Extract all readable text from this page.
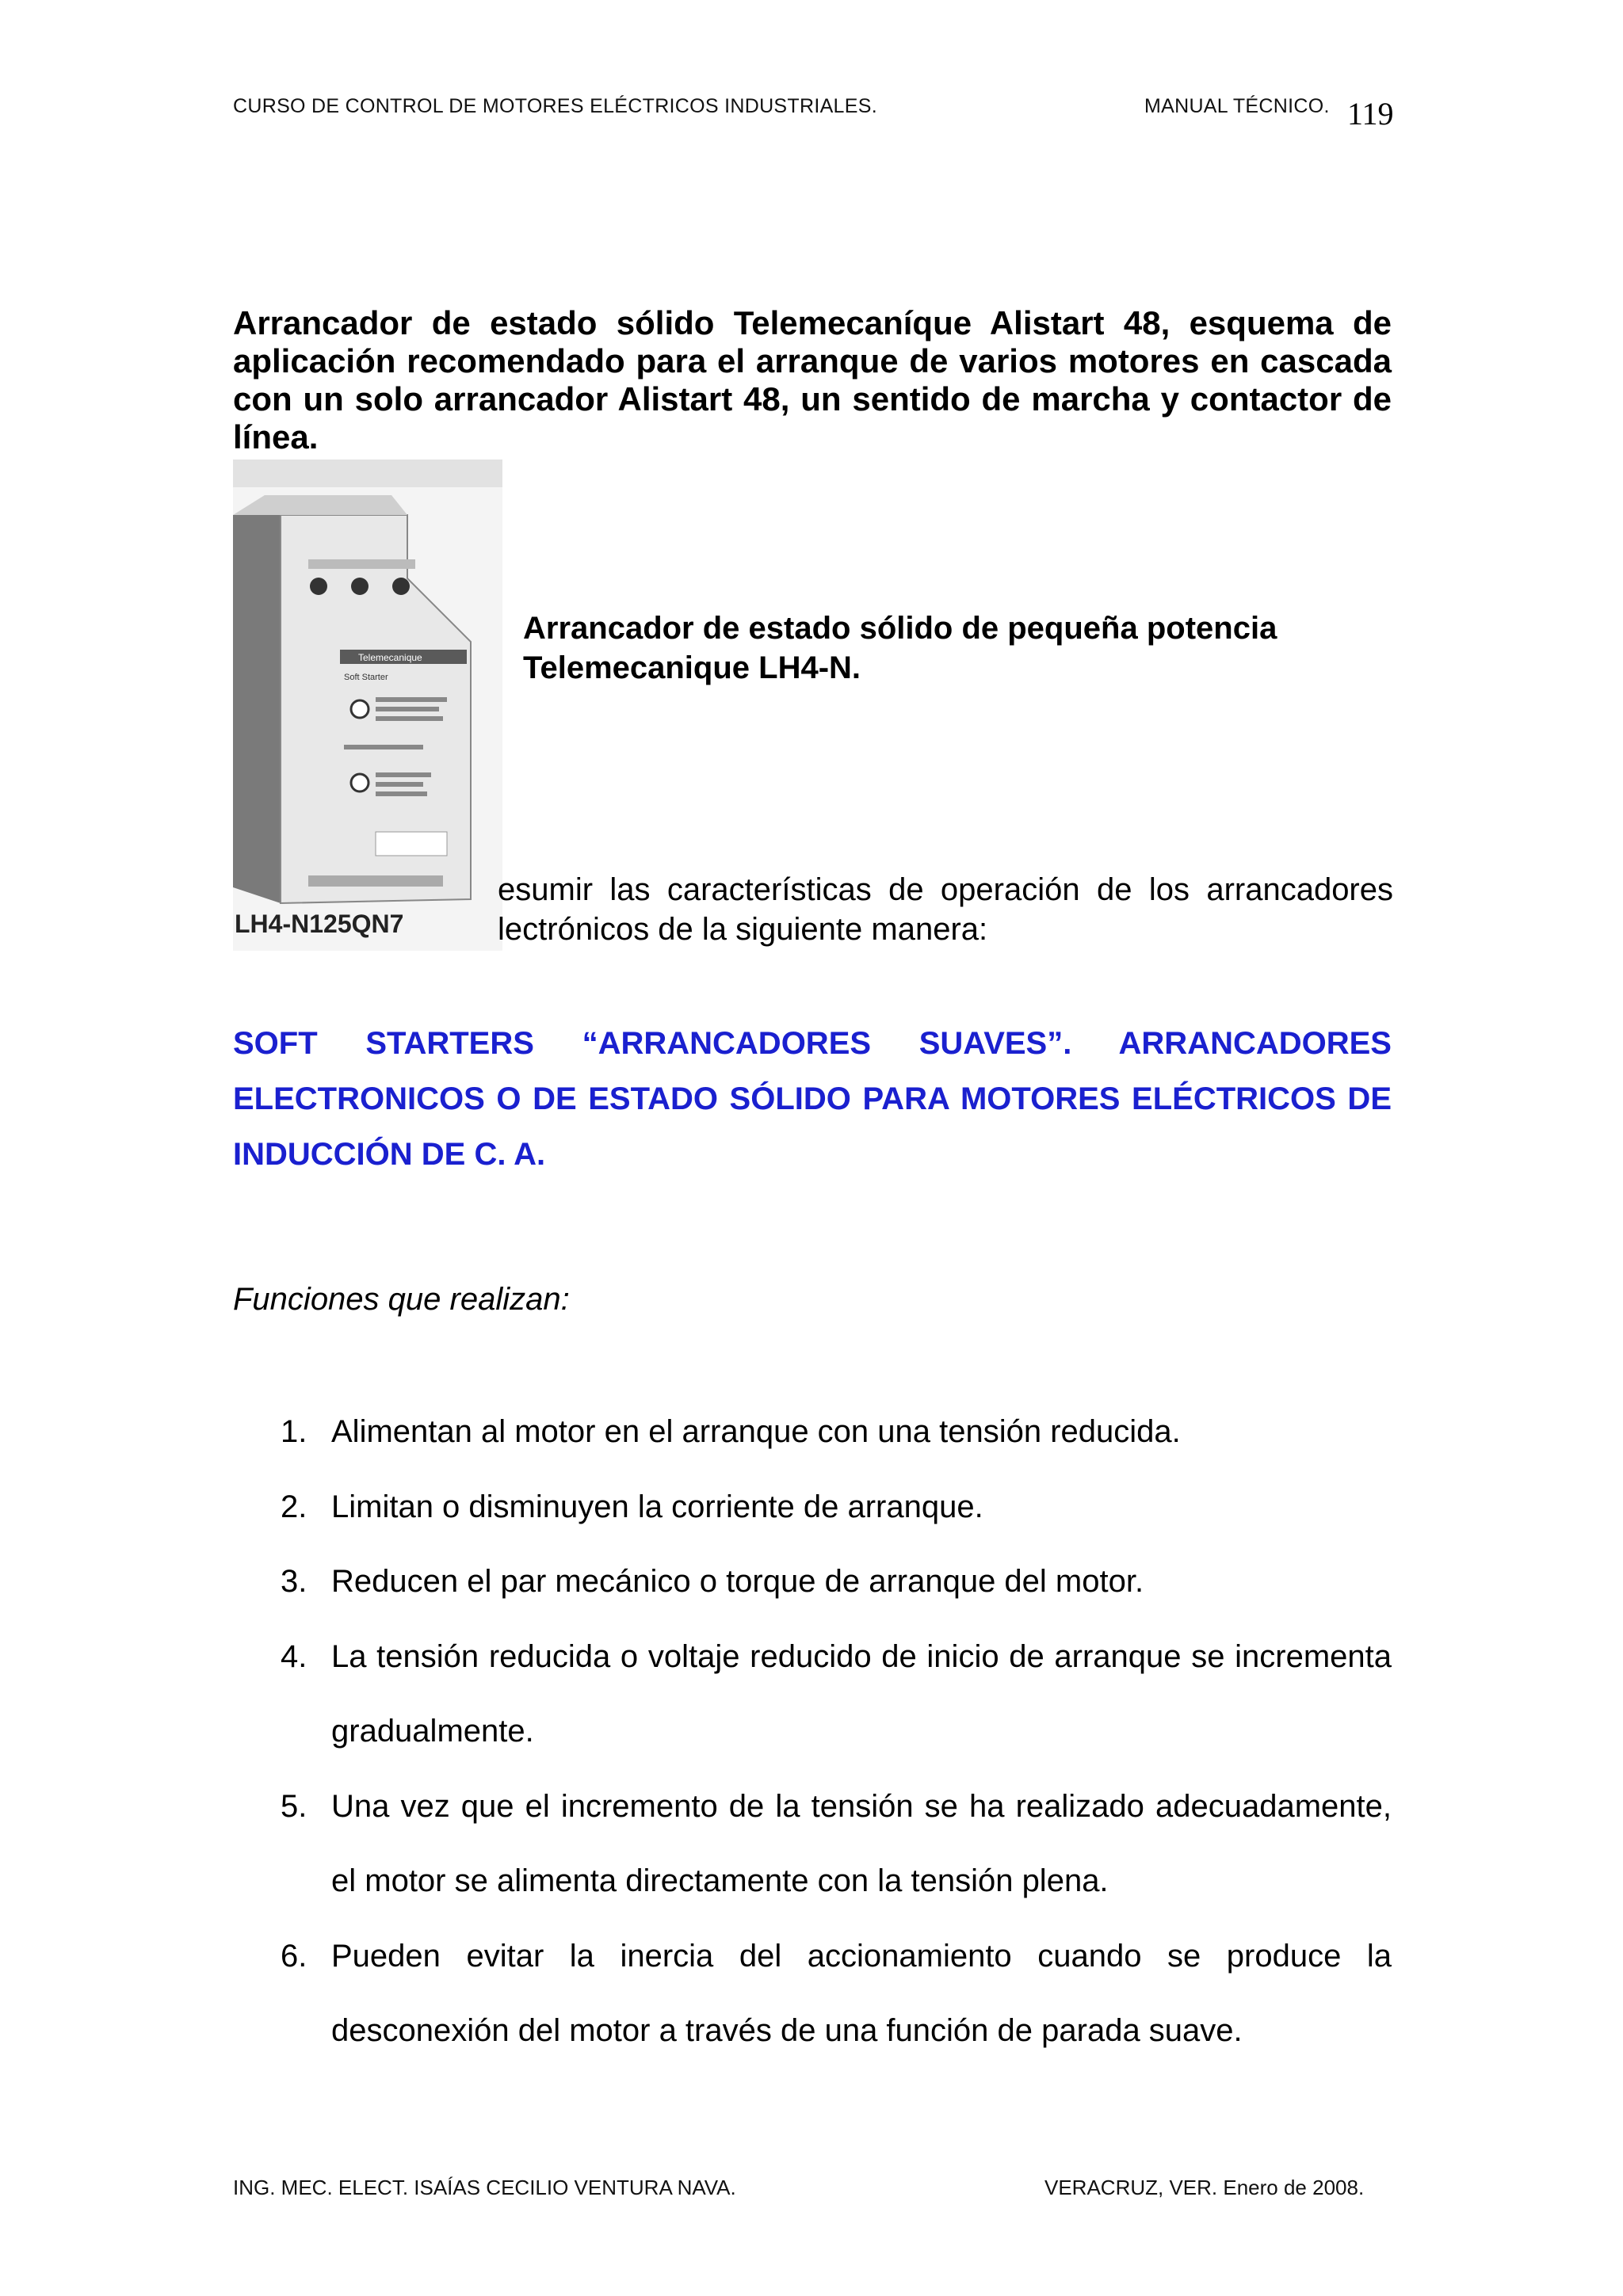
CURSO DE CONTROL DE MOTORES ELÉCTRICOS INDUSTRIALES.	MANUAL TÉCNICO. 119
Arrancador de estado sólido Telemecaníque Alistart 48, esquema de aplicación recomendado para el arranque de varios motores en cascada con un solo arrancador Alistart 48, un sentido de marcha y contactor de línea.
Telemecanique
Soft Starter
LH4-N125QN7
Arrancador de estado sólido de pequeña potencia
Telemecanique LH4-N.
esumir las características de operación de los arrancadores
lectrónicos de la siguiente manera:
SOFT STARTERS “ARRANCADORES SUAVES”. ARRANCADORES ELECTRONICOS O DE ESTADO SÓLIDO PARA MOTORES ELÉCTRICOS DE INDUCCIÓN DE C. A.
Funciones que realizan:
1. Alimentan al motor en el arranque con una tensión reducida.
2. Limitan o disminuyen la corriente de arranque.
3. Reducen el par mecánico o torque de arranque del motor.
4. La tensión reducida o voltaje reducido de inicio de arranque se incrementa gradualmente.
5. Una vez que el incremento de la tensión se ha realizado adecuadamente, el motor se alimenta directamente con la tensión plena.
6. Pueden evitar la inercia del accionamiento cuando se produce la desconexión del motor a través de una función de parada suave.
ING. MEC. ELECT. ISAÍAS CECILIO VENTURA NAVA.	VERACRUZ, VER. Enero de 2008.
